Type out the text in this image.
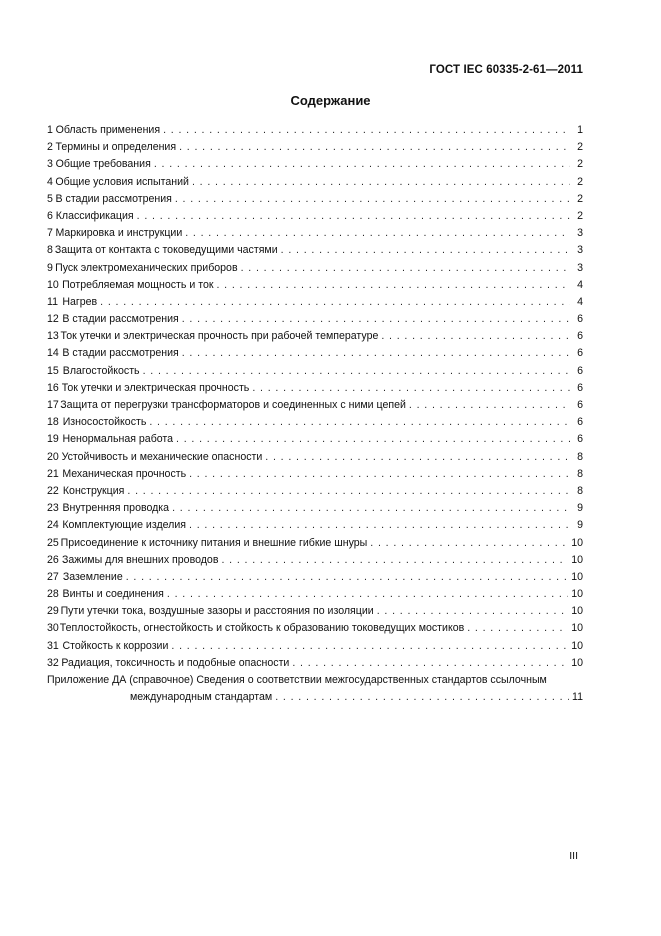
ГОСТ IEC 60335-2-61—2011
Содержание
1 Область применения . . .	1
2 Термины и определения . . .	2
3 Общие требования . . .	2
4 Общие условия испытаний . . .	2
5 В стадии рассмотрения . . .	2
6 Классификация . . .	2
7 Маркировка и инструкции . . .	3
8 Защита от контакта с токоведущими частями . . .	3
9 Пуск электромеханических приборов . . .	3
10 Потребляемая мощность и ток . . .	4
11 Нагрев . . .	4
12 В стадии рассмотрения . . .	6
13 Ток утечки и электрическая прочность при рабочей температуре . . .	6
14 В стадии рассмотрения . . .	6
15 Влагостойкость . . .	6
16 Ток утечки и электрическая прочность . . .	6
17 Защита от перегрузки трансформаторов и соединенных с ними цепей . . .	6
18 Износостойкость . . .	6
19 Ненормальная работа . . .	6
20 Устойчивость и механические опасности . . .	8
21 Механическая прочность . . .	8
22 Конструкция . . .	8
23 Внутренняя проводка . . .	9
24 Комплектующие изделия . . .	9
25 Присоединение к источнику питания и внешние гибкие шнуры . . .	10
26 Зажимы для внешних проводов . . .	10
27 Заземление . . .	10
28 Винты и соединения . . .	10
29 Пути утечки тока, воздушные зазоры и расстояния по изоляции . . .	10
30 Теплостойкость, огнестойкость и стойкость к образованию токоведущих мостиков . . .	10
31 Стойкость к коррозии . . .	10
32 Радиация, токсичность и подобные опасности . . .	10
Приложение ДА (справочное) Сведения о соответствии межгосударственных стандартов ссылочным
международным стандартам . . .	11
III
